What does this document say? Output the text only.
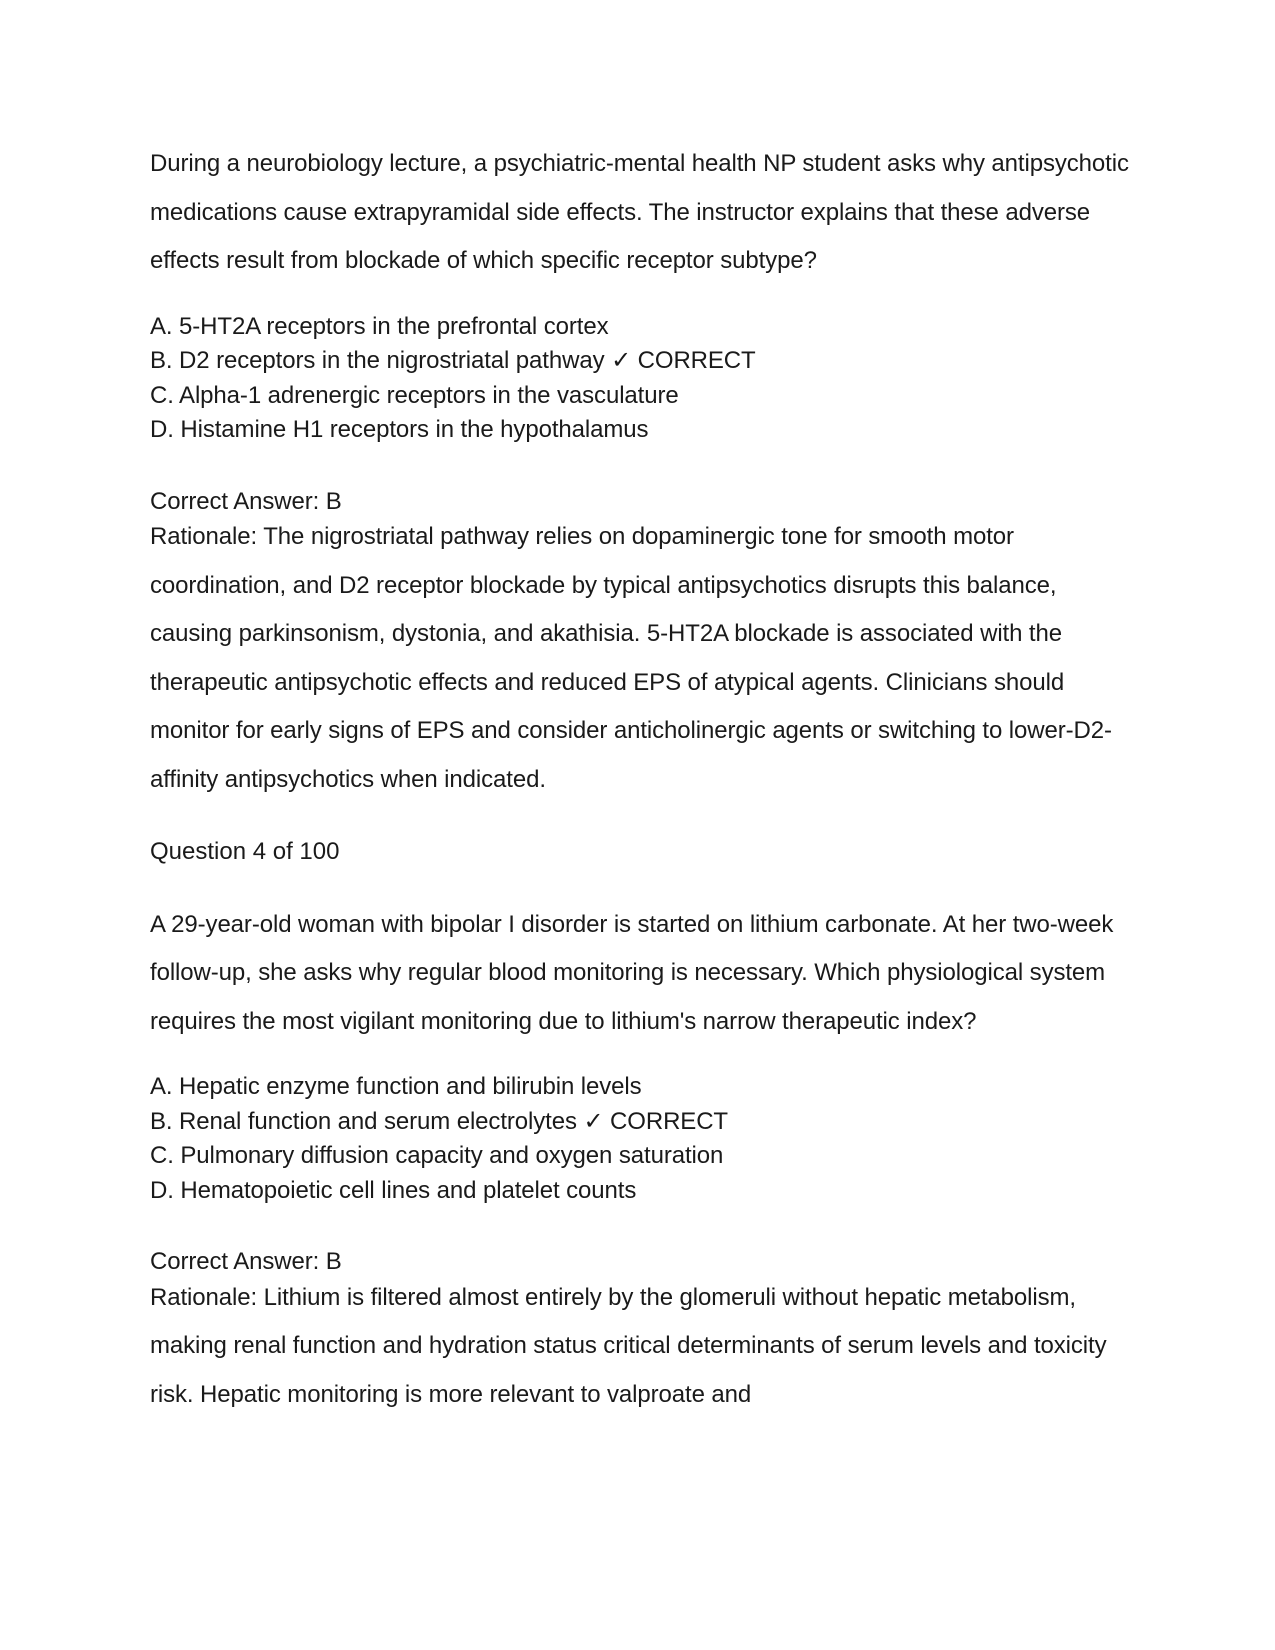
During a neurobiology lecture, a psychiatric-mental health NP student asks why antipsychotic medications cause extrapyramidal side effects. The instructor explains that these adverse effects result from blockade of which specific receptor subtype?

A. 5-HT2A receptors in the prefrontal cortex
B. D2 receptors in the nigrostriatal pathway ✓ CORRECT
C. Alpha-1 adrenergic receptors in the vasculature
D. Histamine H1 receptors in the hypothalamus
Correct Answer: B
Rationale: The nigrostriatal pathway relies on dopaminergic tone for smooth motor coordination, and D2 receptor blockade by typical antipsychotics disrupts this balance, causing parkinsonism, dystonia, and akathisia. 5-HT2A blockade is associated with the therapeutic antipsychotic effects and reduced EPS of atypical agents. Clinicians should monitor for early signs of EPS and consider anticholinergic agents or switching to lower-D2-affinity antipsychotics when indicated.

Question 4 of 100

A 29-year-old woman with bipolar I disorder is started on lithium carbonate. At her two-week follow-up, she asks why regular blood monitoring is necessary. Which physiological system requires the most vigilant monitoring due to lithium's narrow therapeutic index?

A. Hepatic enzyme function and bilirubin levels
B. Renal function and serum electrolytes ✓ CORRECT
C. Pulmonary diffusion capacity and oxygen saturation
D. Hematopoietic cell lines and platelet counts
Correct Answer: B
Rationale: Lithium is filtered almost entirely by the glomeruli without hepatic metabolism, making renal function and hydration status critical determinants of serum levels and toxicity risk. Hepatic monitoring is more relevant to valproate and
